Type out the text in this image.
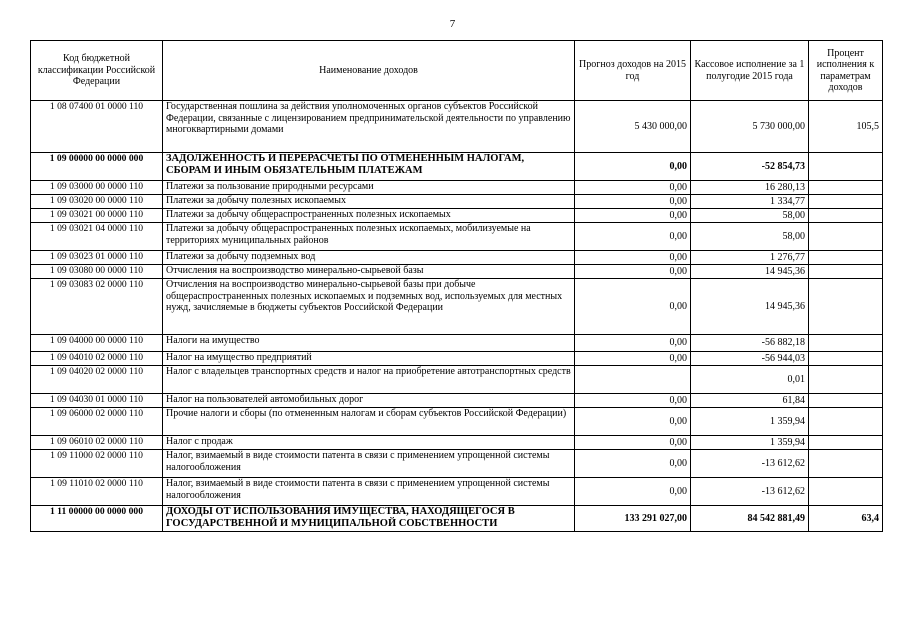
7
Код бюджетной классификации Российской Федерации	Наименование доходов	Прогноз доходов на 2015 год	Кассовое исполнение за 1 полугодие 2015 года	Процент исполнения к параметрам доходов
1 08 07400 01 0000 110	Государственная пошлина за действия уполномоченных органов субъектов Российской Федерации, связанные с лицензированием предпринимательской деятельности по управлению многоквартирными домами	5 430 000,00	5 730 000,00	105,5
1 09 00000 00 0000 000	ЗАДОЛЖЕННОСТЬ И ПЕРЕРАСЧЕТЫ ПО ОТМЕНЕННЫМ НАЛОГАМ, СБОРАМ И ИНЫМ ОБЯЗАТЕЛЬНЫМ ПЛАТЕЖАМ	0,00	-52 854,73	
1 09 03000 00 0000 110	Платежи за пользование природными ресурсами	0,00	16 280,13	
1 09 03020 00 0000 110	Платежи за добычу полезных ископаемых	0,00	1 334,77	
1 09 03021 00 0000 110	Платежи за добычу общераспространенных полезных ископаемых	0,00	58,00	
1 09 03021 04 0000 110	Платежи за добычу общераспространенных полезных ископаемых, мобилизуемые на территориях муниципальных районов	0,00	58,00	
1 09 03023 01 0000 110	Платежи за добычу подземных вод	0,00	1 276,77	
1 09 03080 00 0000 110	Отчисления на воспроизводство минерально-сырьевой базы	0,00	14 945,36	
1 09 03083 02 0000 110	Отчисления на воспроизводство минерально-сырьевой базы при добыче общераспространенных полезных ископаемых и подземных вод, используемых для местных нужд, зачисляемые в бюджеты субъектов Российской Федерации	0,00	14 945,36	
1 09 04000 00 0000 110	Налоги на имущество	0,00	-56 882,18	
1 09 04010 02 0000 110	Налог на имущество предприятий	0,00	-56 944,03	
1 09 04020 02 0000 110	Налог с владельцев транспортных средств и налог на приобретение автотранспортных средств		0,01	
1 09 04030 01 0000 110	Налог на пользователей автомобильных дорог	0,00	61,84	
1 09 06000 02 0000 110	Прочие налоги и сборы (по отмененным налогам и сборам субъектов Российской Федерации)	0,00	1 359,94	
1 09 06010 02 0000 110	Налог с продаж	0,00	1 359,94	
1 09 11000 02 0000 110	Налог, взимаемый в виде стоимости патента в связи с применением упрощенной системы налогообложения	0,00	-13 612,62	
1 09 11010 02 0000 110	Налог, взимаемый в виде стоимости патента в связи с применением упрощенной системы налогообложения	0,00	-13 612,62	
1 11 00000 00 0000 000	ДОХОДЫ ОТ ИСПОЛЬЗОВАНИЯ ИМУЩЕСТВА, НАХОДЯЩЕГОСЯ В ГОСУДАРСТВЕННОЙ И МУНИЦИПАЛЬНОЙ СОБСТВЕННОСТИ	133 291 027,00	84 542 881,49	63,4
